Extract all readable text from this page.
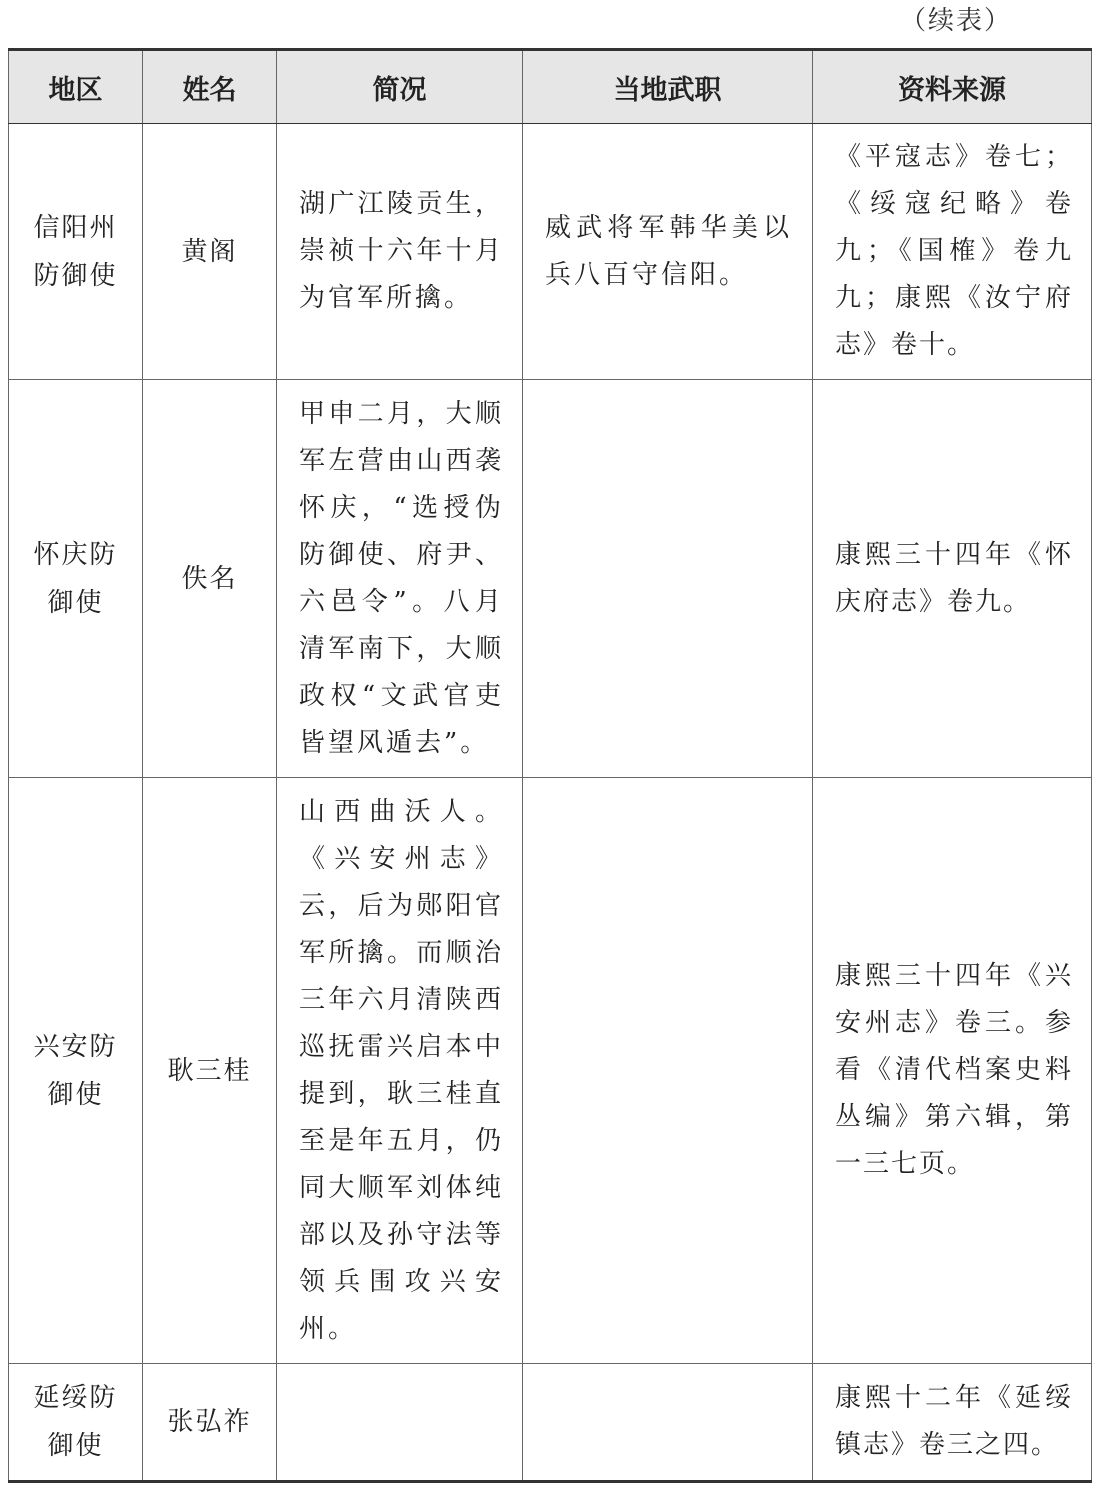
（续表）
地区	姓名	简况	当地武职	资料来源

信阳州防御使	黄阁	湖广江陵贡生，崇祯十六年十月为官军所擒。	威武将军韩华美以兵八百守信阳。	《平寇志》卷七；《绥寇纪略》卷九；《国榷》卷九九；康熙《汝宁府志》卷十。

怀庆防御使	佚名	甲申二月，大顺军左营由山西袭怀庆，“选授伪防御使、府尹、六邑令”。八月清军南下，大顺政权“文武官吏皆望风遁去”。		康熙三十四年《怀庆府志》卷九。

兴安防御使	耿三桂	山西曲沃人。《兴安州志》云，后为郧阳官军所擒。而顺治三年六月清陕西巡抚雷兴启本中提到，耿三桂直至是年五月，仍同大顺军刘体纯部以及孙守法等领兵围攻兴安州。		康熙三十四年《兴安州志》卷三。参看《清代档案史料丛编》第六辑，第一三七页。

延绥防御使	张弘祚			康熙十二年《延绥镇志》卷三之四。
